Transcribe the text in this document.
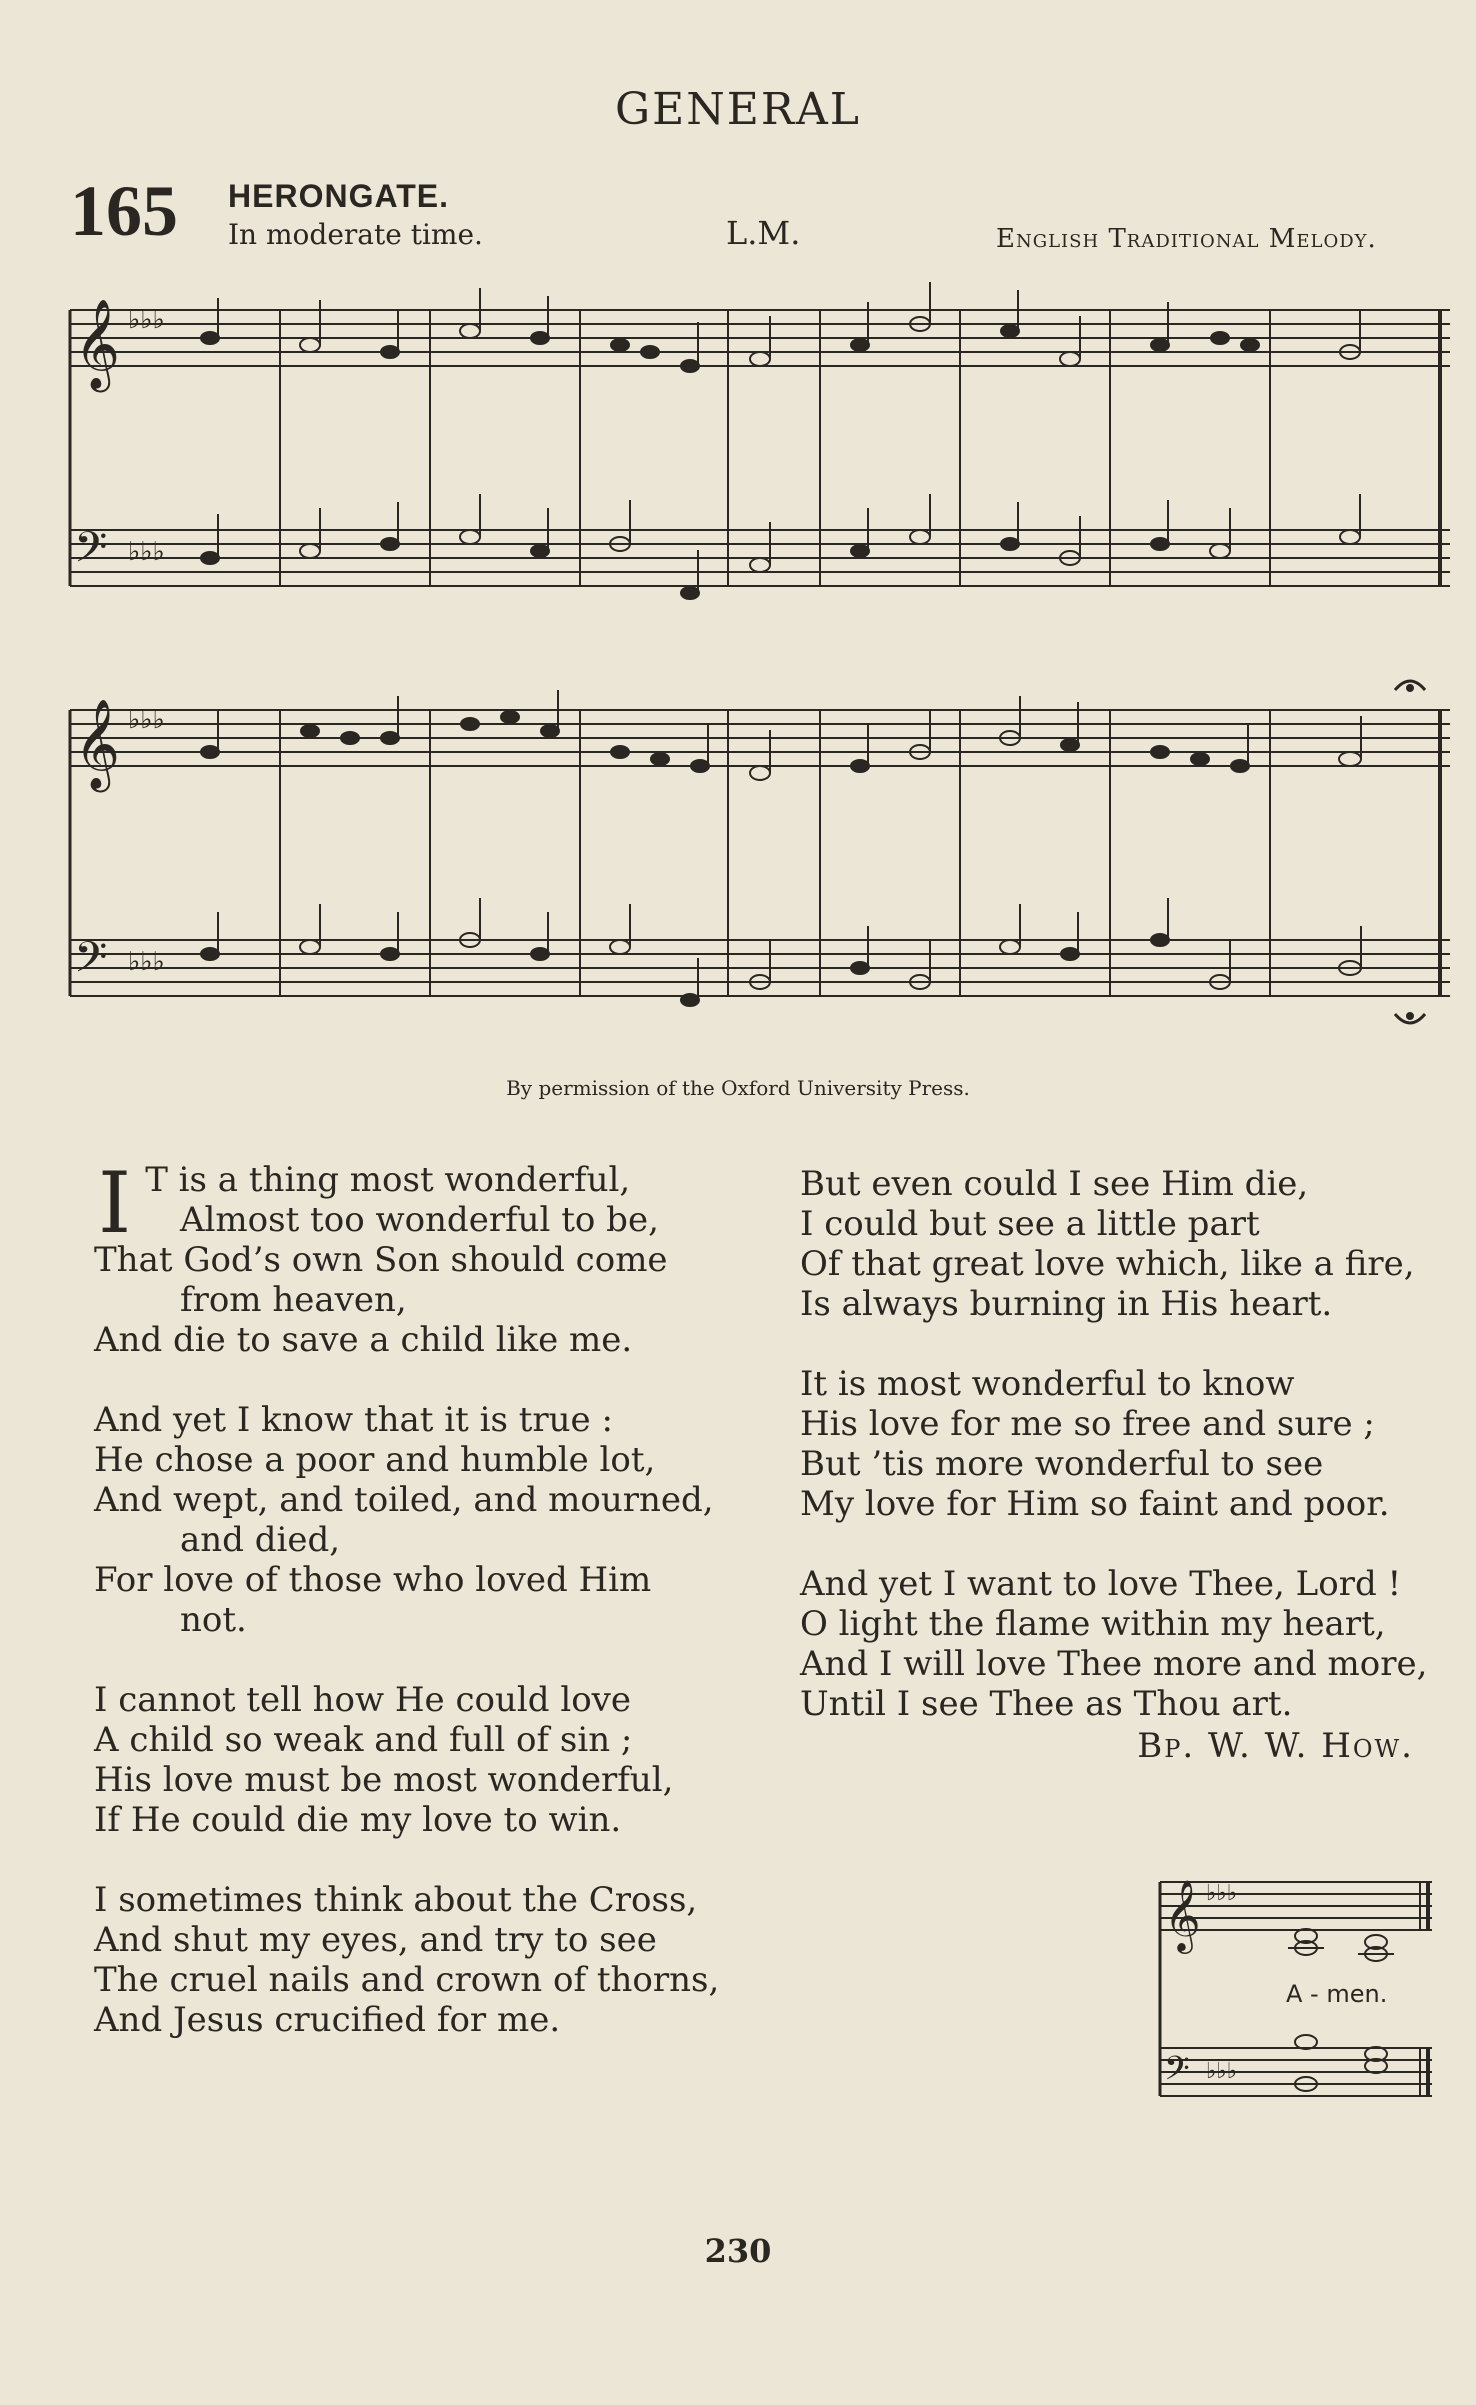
GENERAL
165 HERONGATE.
In moderate time.	L.M.	English Traditional Melody.
𝄞
𝄢
𝄞
𝄢
♭♭♭
♭♭♭
♭♭♭
♭♭♭
By permission of the Oxford University Press.
I T is a thing most wonderful,
Almost too wonderful to be,
That God’s own Son should come
from heaven,
And die to save a child like me.
And yet I know that it is true :
He chose a poor and humble lot,
And wept, and toiled, and mourned,
and died,
For love of those who loved Him
not.
I cannot tell how He could love
A child so weak and full of sin ;
His love must be most wonderful,
If He could die my love to win.
I sometimes think about the Cross,
And shut my eyes, and try to see
The cruel nails and crown of thorns,
And Jesus crucified for me.
But even could I see Him die,
I could but see a little part
Of that great love which, like a fire,
Is always burning in His heart.
It is most wonderful to know
His love for me so free and sure ;
But ’tis more wonderful to see
My love for Him so faint and poor.
And yet I want to love Thee, Lord !
O light the flame within my heart,
And I will love Thee more and more,
Until I see Thee as Thou art.
Bp. W. W. How.
𝄞
𝄢
♭♭♭
♭♭♭
A - men.
230
